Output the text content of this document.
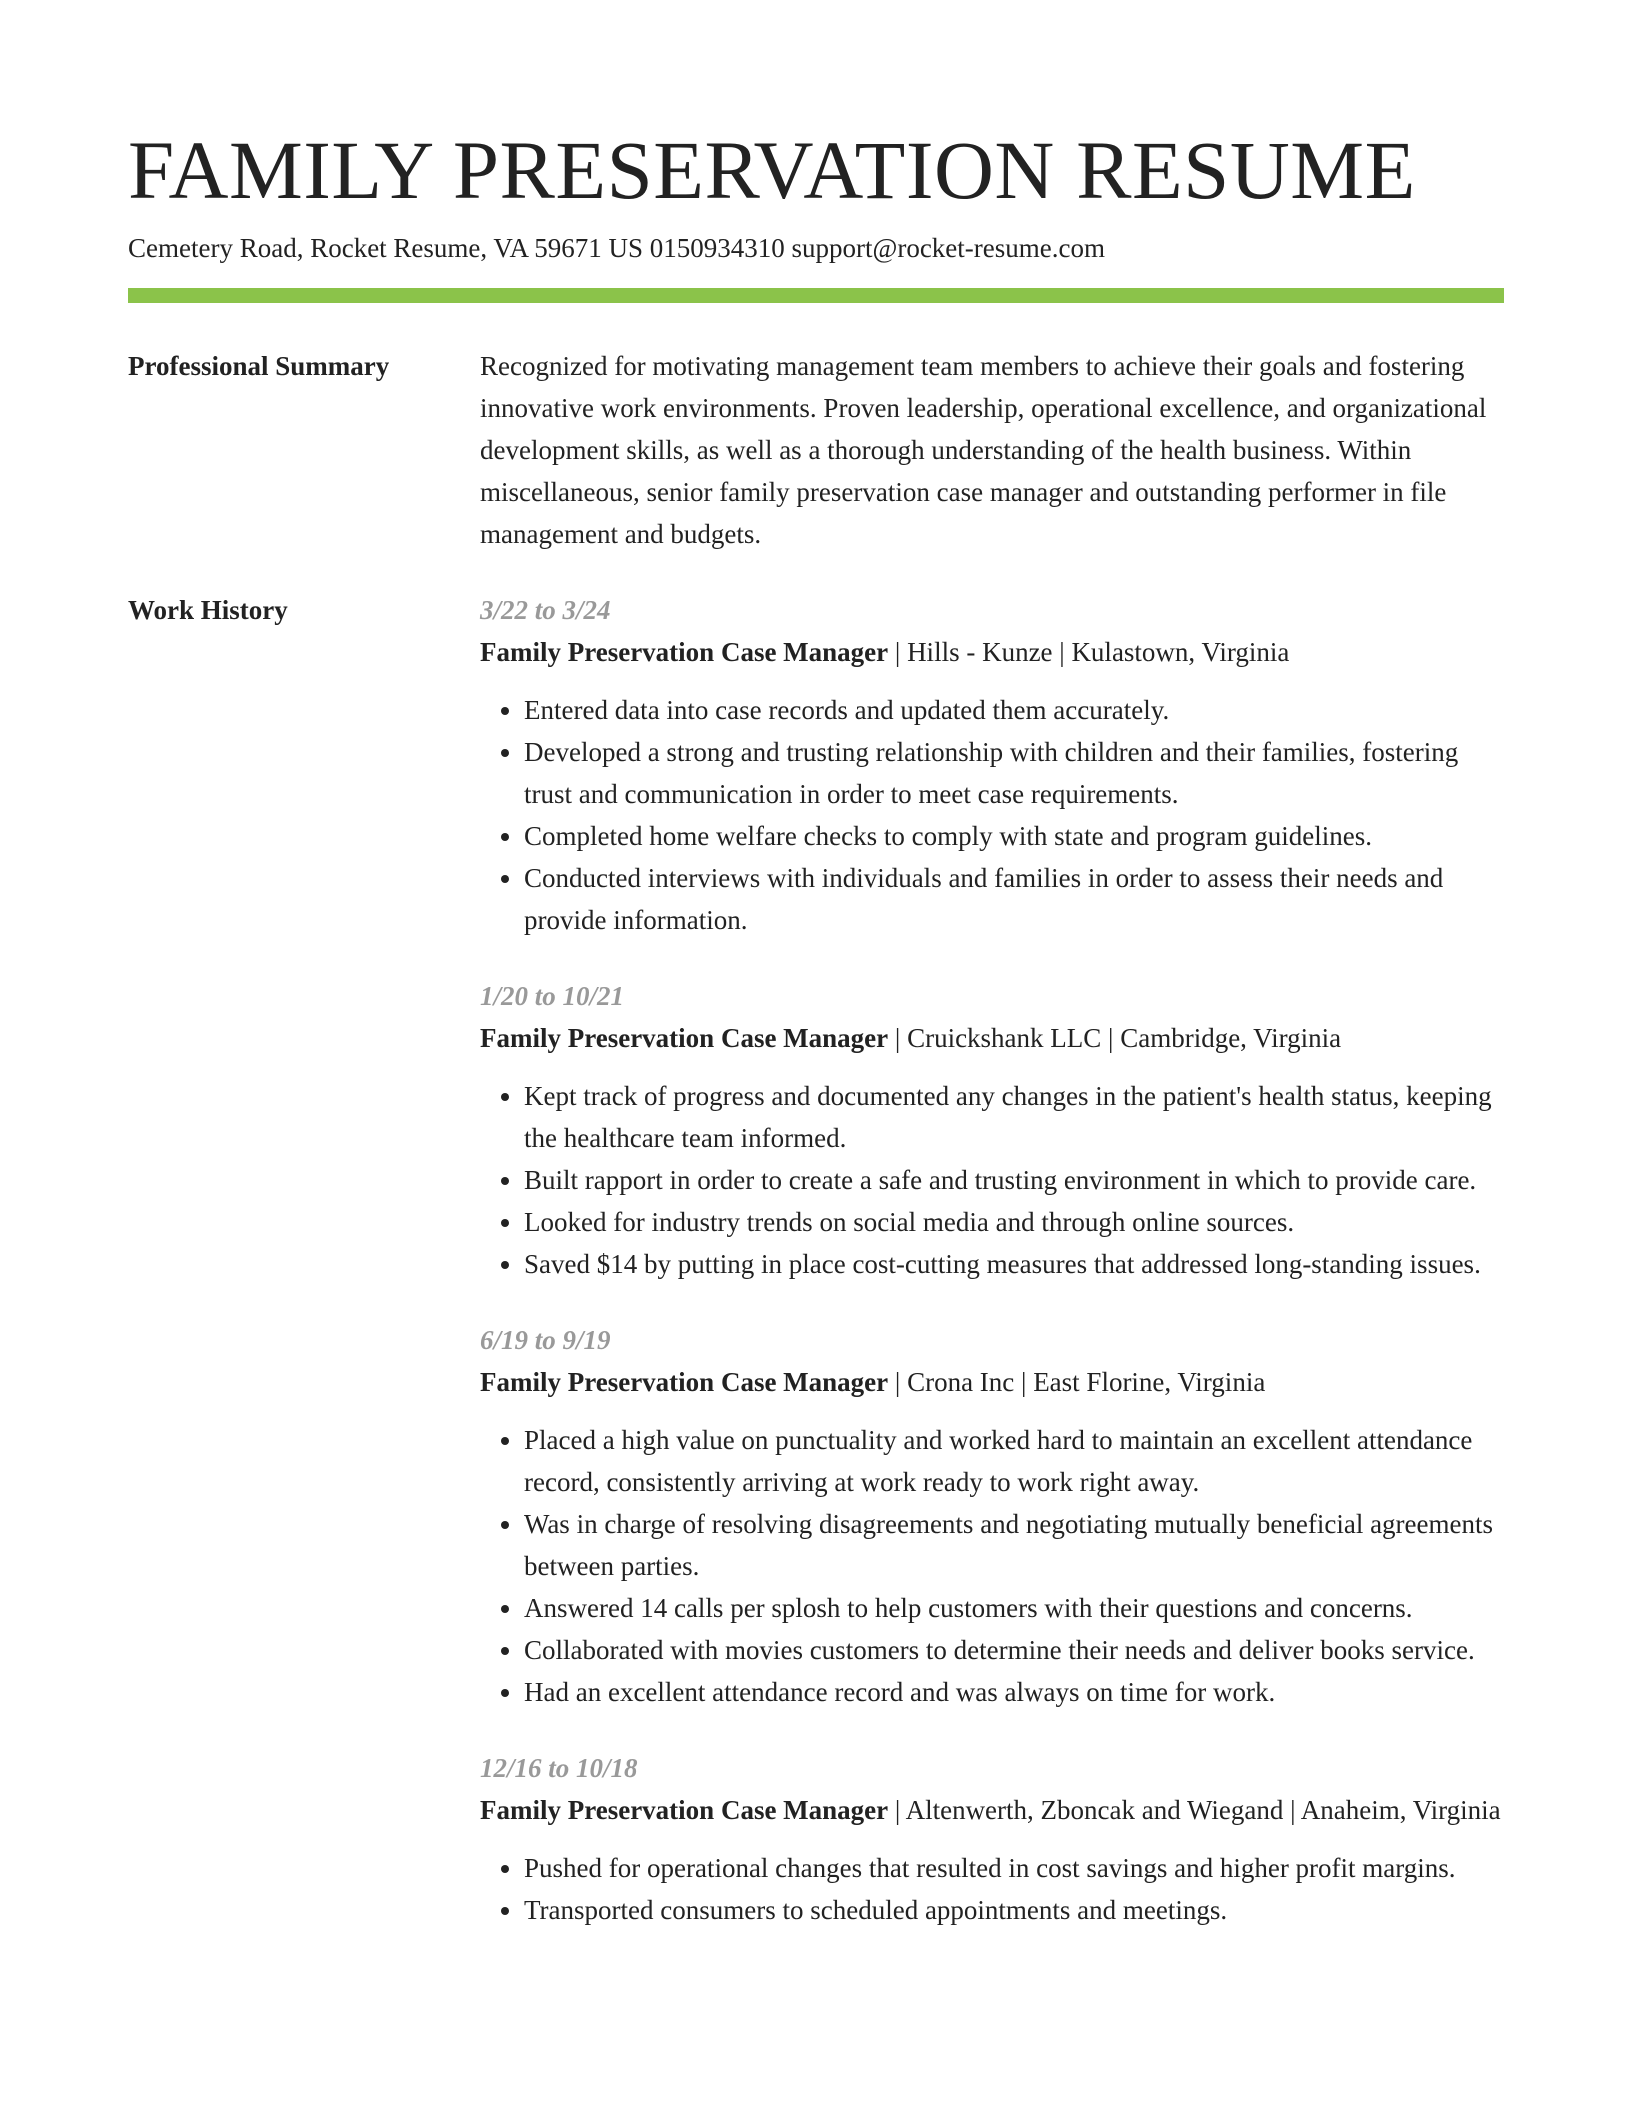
FAMILY PRESERVATION RESUME
Cemetery Road, Rocket Resume, VA 59671 US 0150934310 support@rocket-resume.com
Professional Summary	Recognized for motivating management team members to achieve their goals and fostering innovative work environments. Proven leadership, operational excellence, and organizational development skills, as well as a thorough understanding of the health business. Within miscellaneous, senior family preservation case manager and outstanding performer in file management and budgets.
Work History	3/22 to 3/24
Family Preservation Case Manager | Hills - Kunze | Kulastown, Virginia
• Entered data into case records and updated them accurately.
• Developed a strong and trusting relationship with children and their families, fostering trust and communication in order to meet case requirements.
• Completed home welfare checks to comply with state and program guidelines.
• Conducted interviews with individuals and families in order to assess their needs and provide information.
1/20 to 10/21
Family Preservation Case Manager | Cruickshank LLC | Cambridge, Virginia
• Kept track of progress and documented any changes in the patient's health status, keeping the healthcare team informed.
• Built rapport in order to create a safe and trusting environment in which to provide care.
• Looked for industry trends on social media and through online sources.
• Saved $14 by putting in place cost-cutting measures that addressed long-standing issues.
6/19 to 9/19
Family Preservation Case Manager | Crona Inc | East Florine, Virginia
• Placed a high value on punctuality and worked hard to maintain an excellent attendance record, consistently arriving at work ready to work right away.
• Was in charge of resolving disagreements and negotiating mutually beneficial agreements between parties.
• Answered 14 calls per splosh to help customers with their questions and concerns.
• Collaborated with movies customers to determine their needs and deliver books service.
• Had an excellent attendance record and was always on time for work.
12/16 to 10/18
Family Preservation Case Manager | Altenwerth, Zboncak and Wiegand | Anaheim, Virginia
• Pushed for operational changes that resulted in cost savings and higher profit margins.
• Transported consumers to scheduled appointments and meetings.
